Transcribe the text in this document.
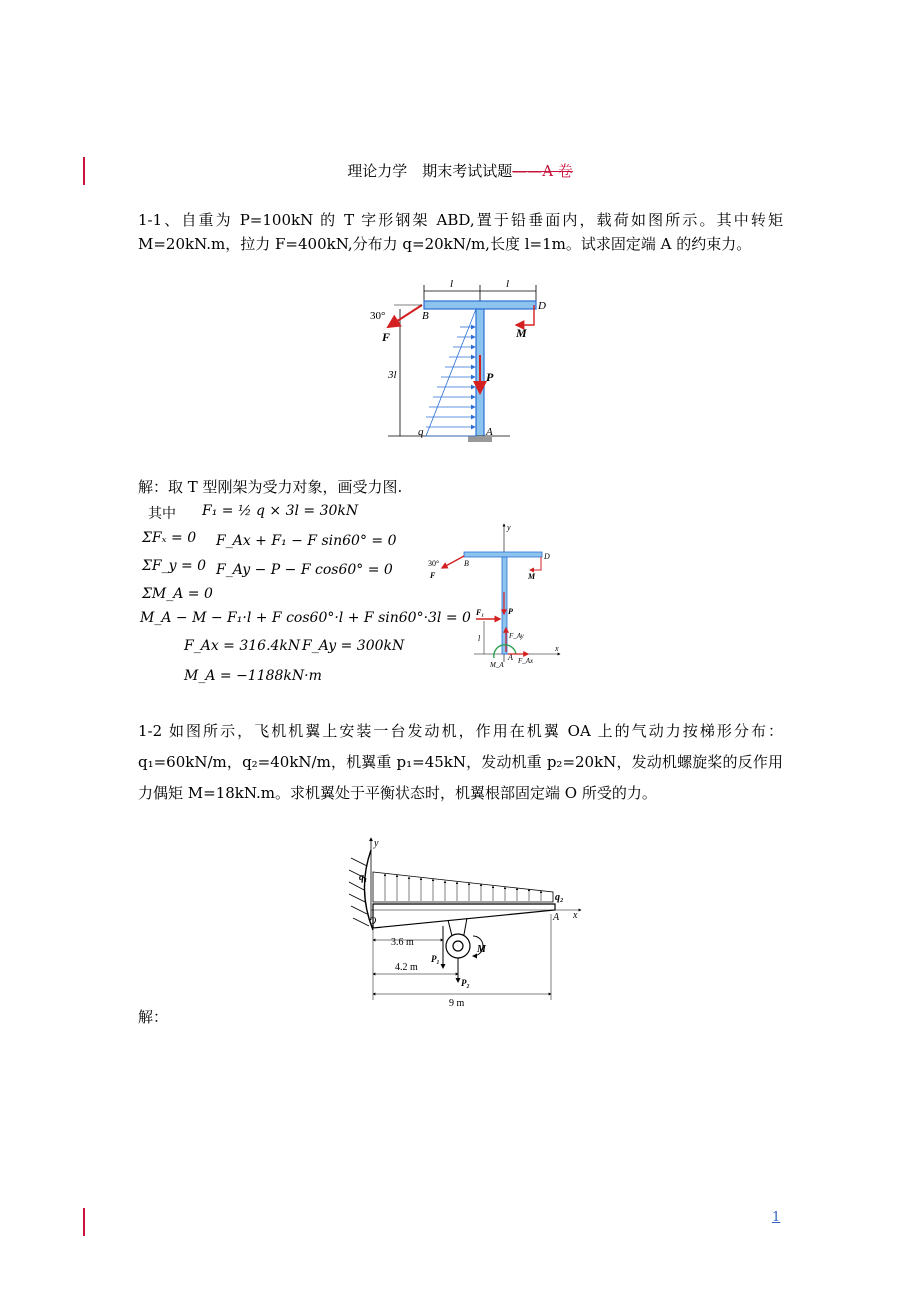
理论力学　期末考试试题——A 卷
1-1、自重为 P=100kN 的 T 字形钢架 ABD,置于铅垂面内，载荷如图所示。其中转矩 M=20kN.m，拉力 F=400kN,分布力 q=20kN/m,长度 l=1m。试求固定端 A 的约束力。
l	l
3l
30°
F
B
D
M
P
q	A
解：取 T 型刚架为受力对象，画受力图.
其中 F₁ = ½ q × 3l = 30kN
ΣFₓ = 0 F_Ax + F₁ − F sin60° = 0
ΣF_y = 0 F_Ay − P − F cos60° = 0
ΣM_A = 0
M_A − M − F₁·l + F cos60°·l + F sin60°·3l = 0
F_Ax = 316.4kN F_Ay = 300kN
M_A = −1188kN·m
y
x
30°
F
B
D
M
F₁	P
l	F_Ay
M_A
A F_Ax
1-2 如图所示，飞机机翼上安装一台发动机，作用在机翼 OA 上的气动力按梯形分布：q₁=60kN/m，q₂=40kN/m，机翼重 p₁=45kN，发动机重 p₂=20kN，发动机螺旋桨的反作用力偶矩 M=18kN.m。求机翼处于平衡状态时，机翼根部固定端 O 所受的力。
y
q₁
q₂
x
O	A
M
P₁
P₂
3.6 m
4.2 m
9 m
解：
1
